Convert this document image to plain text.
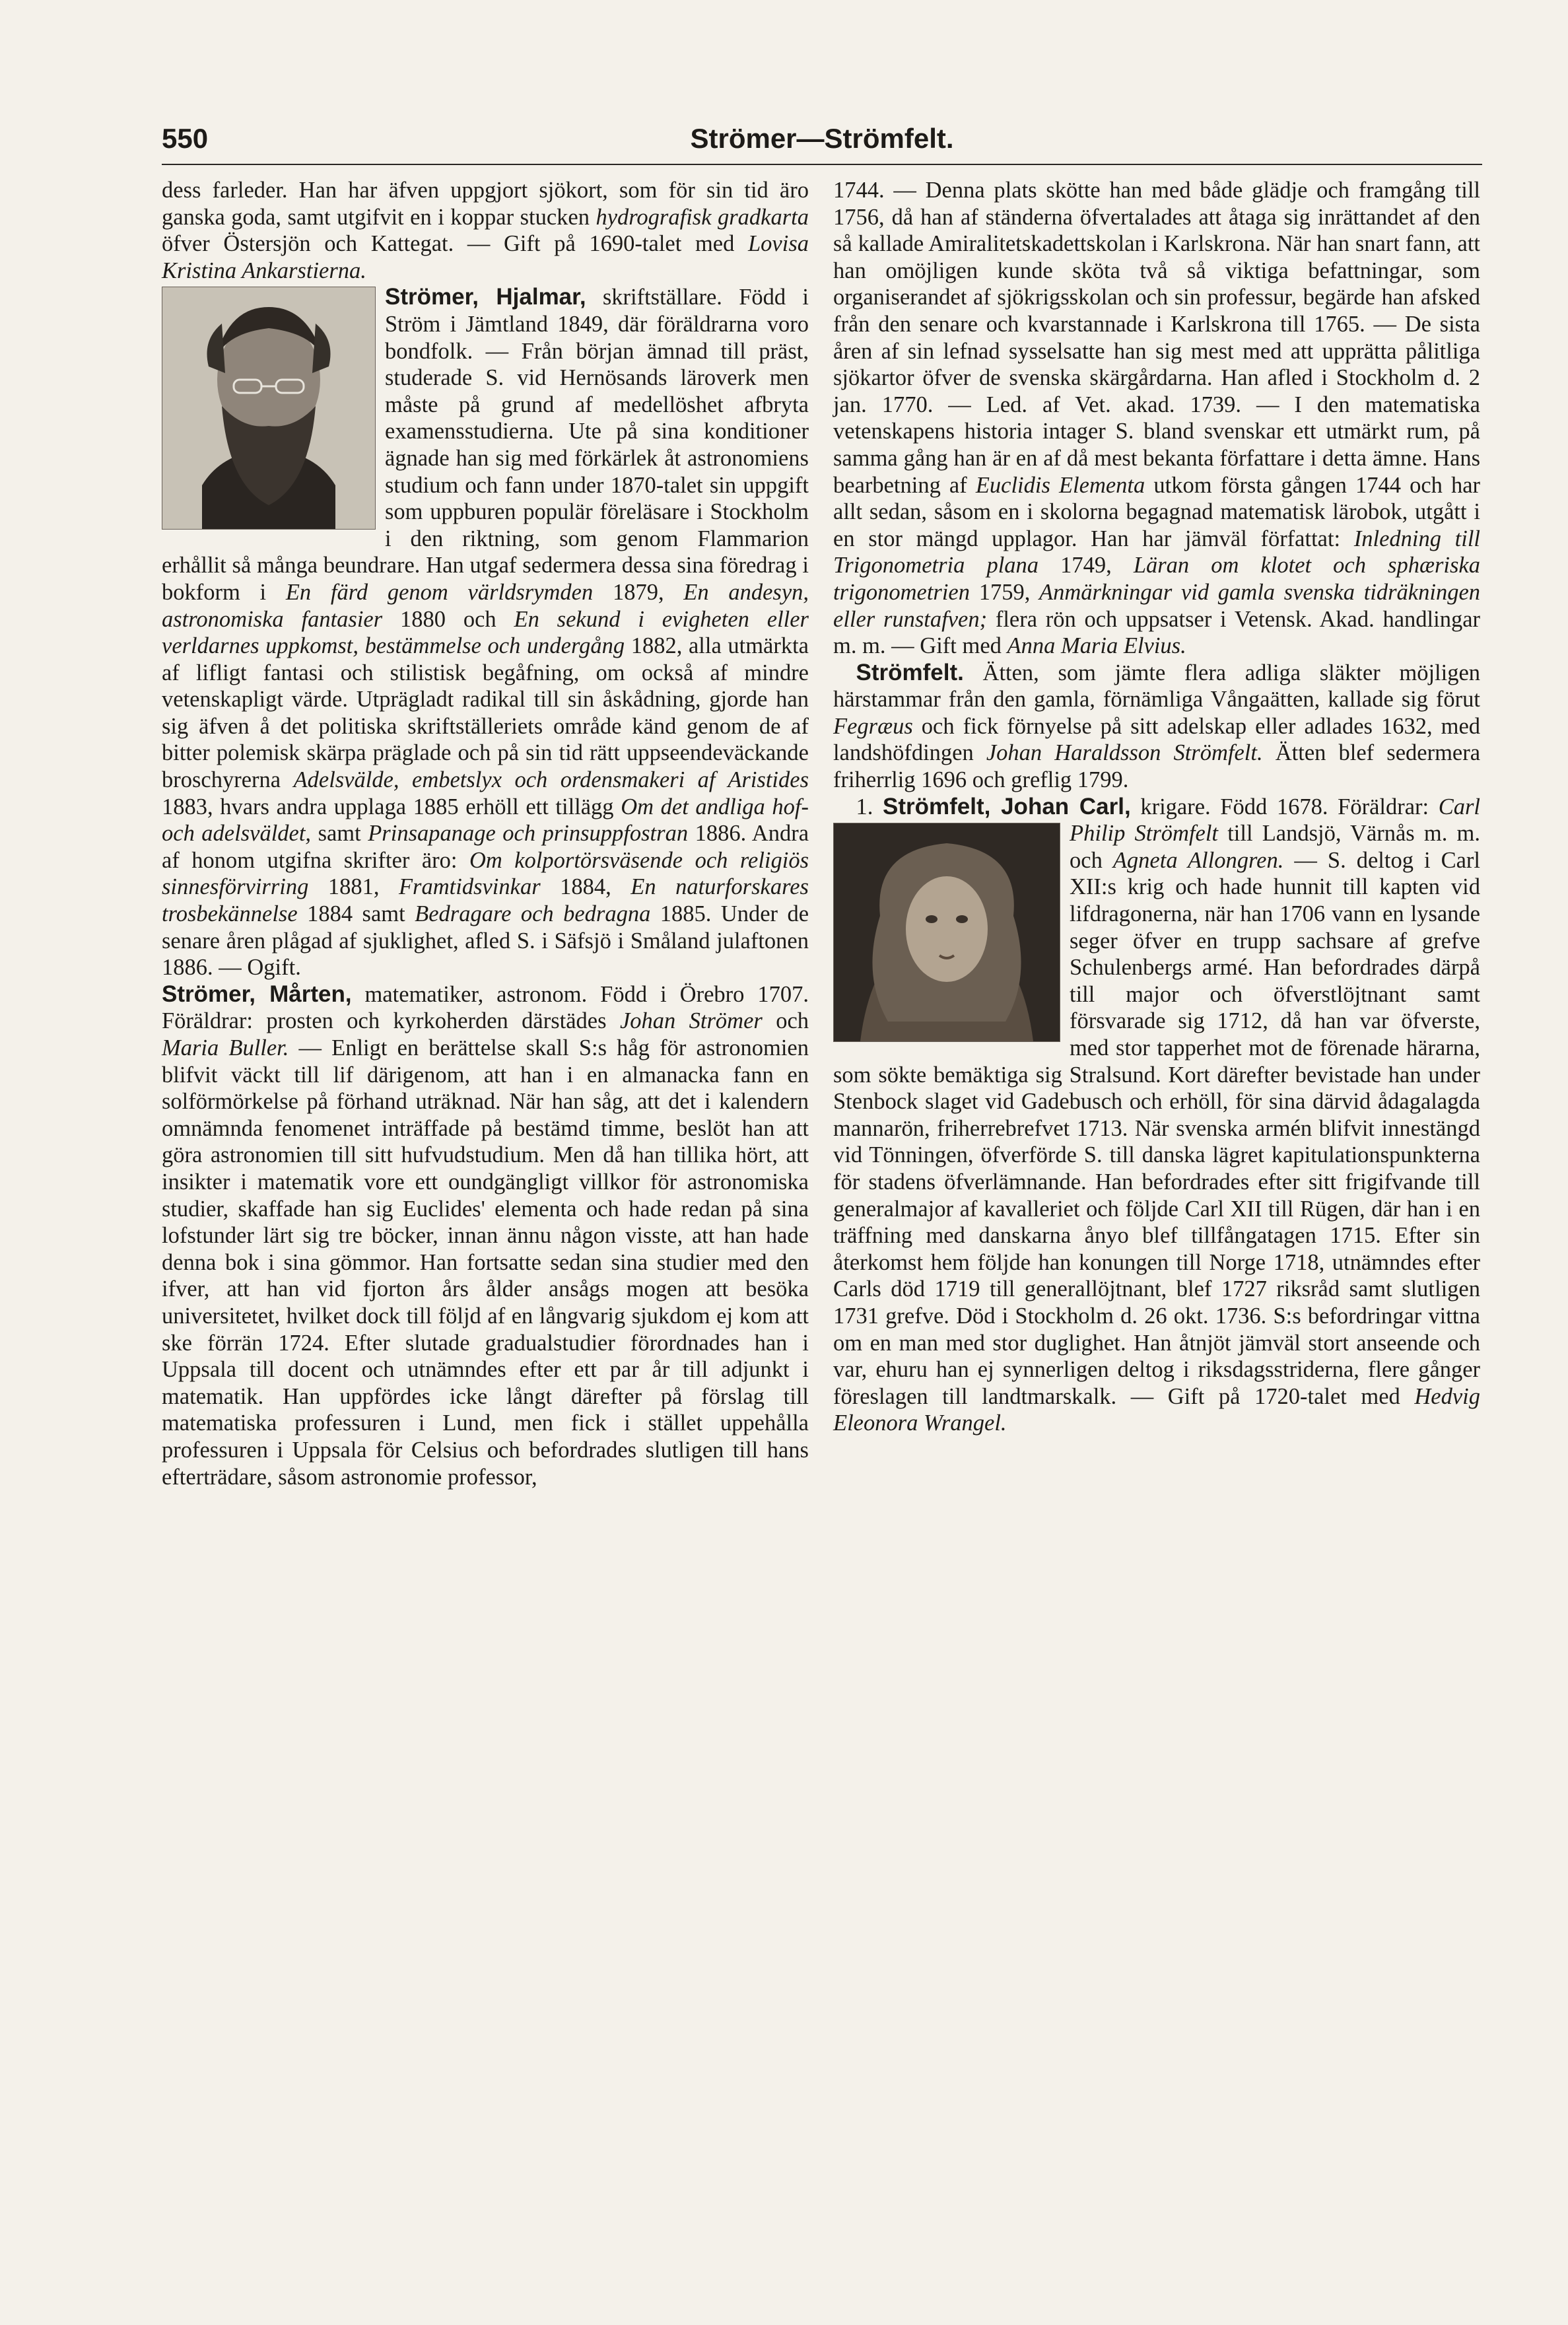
550	Strömer—Strömfelt.

dess farleder. Han har äfven uppgjort sjökort, som för sin tid äro ganska goda, samt utgifvit en i koppar stucken hydrografisk gradkarta öfver Östersjön och Kattegat. — Gift på 1690-talet med Lovisa Kristina Ankarstierna.

Strömer, Hjalmar, skriftställare. Född i Ström i Jämtland 1849, där föräldrarna voro bondfolk. — Från början ämnad till präst, studerade S. vid Hernösands läroverk men måste på grund af medellöshet afbryta examensstudierna. Ute på sina konditioner ägnade han sig med förkärlek åt astronomiens studium och fann under 1870-talet sin uppgift som uppburen populär föreläsare i Stockholm i den riktning, som genom Flammarion erhållit så många beundrare. Han utgaf sedermera dessa sina föredrag i bokform i En färd genom världsrymden 1879, En andesyn, astronomiska fantasier 1880 och En sekund i evigheten eller verldarnes uppkomst, bestämmelse och undergång 1882, alla utmärkta af lifligt fantasi och stilistisk begåfning, om också af mindre vetenskapligt värde. Utprägladt radikal till sin åskådning, gjorde han sig äfven å det politiska skriftställeriets område känd genom de af bitter polemisk skärpa präglade och på sin tid rätt uppseendeväckande broschyrerna Adelsvälde, embetslyx och ordensmakeri af Aristides 1883, hvars andra upplaga 1885 erhöll ett tillägg Om det andliga hof- och adelsväldet, samt Prinsapanage och prinsuppfostran 1886. Andra af honom utgifna skrifter äro: Om kolportörsväsende och religiös sinnesförvirring 1881, Framtidsvinkar 1884, En naturforskares trosbekännelse 1884 samt Bedragare och bedragna 1885. Under de senare åren plågad af sjuklighet, afled S. i Säfsjö i Småland julaftonen 1886. — Ogift.

Strömer, Mårten, matematiker, astronom. Född i Örebro 1707. Föräldrar: prosten och kyrkoherden därstädes Johan Strömer och Maria Buller. — Enligt en berättelse skall S:s håg för astronomien blifvit väckt till lif därigenom, att han i en almanacka fann en solförmörkelse på förhand uträknad. När han såg, att det i kalendern omnämnda fenomenet inträffade på bestämd timme, beslöt han att göra astronomien till sitt hufvudstudium. Men då han tillika hört, att insikter i matematik vore ett oundgängligt villkor för astronomiska studier, skaffade han sig Euclides' elementa och hade redan på sina lofstunder lärt sig tre böcker, innan ännu någon visste, att han hade denna bok i sina gömmor. Han fortsatte sedan sina studier med den ifver, att han vid fjorton års ålder ansågs mogen att besöka universitetet, hvilket dock till följd af en långvarig sjukdom ej kom att ske förrän 1724. Efter slutade gradualstudier förordnades han i Uppsala till docent och utnämndes efter ett par år till adjunkt i matematik. Han uppfördes icke långt därefter på förslag till matematiska professuren i Lund, men fick i stället uppehålla professuren i Uppsala för Celsius och befordrades slutligen till hans efterträdare, såsom astronomie professor,

1744. — Denna plats skötte han med både glädje och framgång till 1756, då han af ständerna öfvertalades att åtaga sig inrättandet af den så kallade Amiralitetskadettskolan i Karlskrona. När han snart fann, att han omöjligen kunde sköta två så viktiga befattningar, som organiserandet af sjökrigsskolan och sin professur, begärde han afsked från den senare och kvarstannade i Karlskrona till 1765. — De sista åren af sin lefnad sysselsatte han sig mest med att upprätta pålitliga sjökartor öfver de svenska skärgårdarna. Han afled i Stockholm d. 2 jan. 1770. — Led. af Vet. akad. 1739. — I den matematiska vetenskapens historia intager S. bland svenskar ett utmärkt rum, på samma gång han är en af då mest bekanta författare i detta ämne. Hans bearbetning af Euclidis Elementa utkom första gången 1744 och har allt sedan, såsom en i skolorna begagnad matematisk lärobok, utgått i en stor mängd upplagor. Han har jämväl författat: Inledning till Trigonometria plana 1749, Läran om klotet och sphæriska trigonometrien 1759, Anmärkningar vid gamla svenska tidräkningen eller runstafven; flera rön och uppsatser i Vetensk. Akad. handlingar m. m. — Gift med Anna Maria Elvius.

Strömfelt. Ätten, som jämte flera adliga släkter möjligen härstammar från den gamla, förnämliga Vångaätten, kallade sig förut Fegræus och fick förnyelse på sitt adelskap eller adlades 1632, med landshöfdingen Johan Haraldsson Strömfelt. Ätten blef sedermera friherrlig 1696 och greflig 1799.

1. Strömfelt, Johan Carl, krigare. Född 1678. Föräldrar: Carl Philip Strömfelt till Landsjö, Värnås m. m. och Agneta Allongren. — S. deltog i Carl XII:s krig och hade hunnit till kapten vid lifdragonerna, när han 1706 vann en lysande seger öfver en trupp sachsare af grefve Schulenbergs armé. Han befordrades därpå till major och öfverstlöjtnant samt försvarade sig 1712, då han var öfverste, med stor tapperhet mot de förenade härarna, som sökte bemäktiga sig Stralsund. Kort därefter bevistade han under Stenbock slaget vid Gadebusch och erhöll, för sina därvid ådagalagda mannarön, friherrebrefvet 1713. När svenska armén blifvit innestängd vid Tönningen, öfverförde S. till danska lägret kapitulationspunkterna för stadens öfverlämnande. Han befordrades efter sitt frigifvande till generalmajor af kavalleriet och följde Carl XII till Rügen, där han i en träffning med danskarna ånyo blef tillfångatagen 1715. Efter sin återkomst hem följde han konungen till Norge 1718, utnämndes efter Carls död 1719 till generallöjtnant, blef 1727 riksråd samt slutligen 1731 grefve. Död i Stockholm d. 26 okt. 1736. S:s befordringar vittna om en man med stor duglighet. Han åtnjöt jämväl stort anseende och var, ehuru han ej synnerligen deltog i riksdagsstriderna, flere gånger föreslagen till landtmarskalk. — Gift på 1720-talet med Hedvig Eleonora Wrangel.
